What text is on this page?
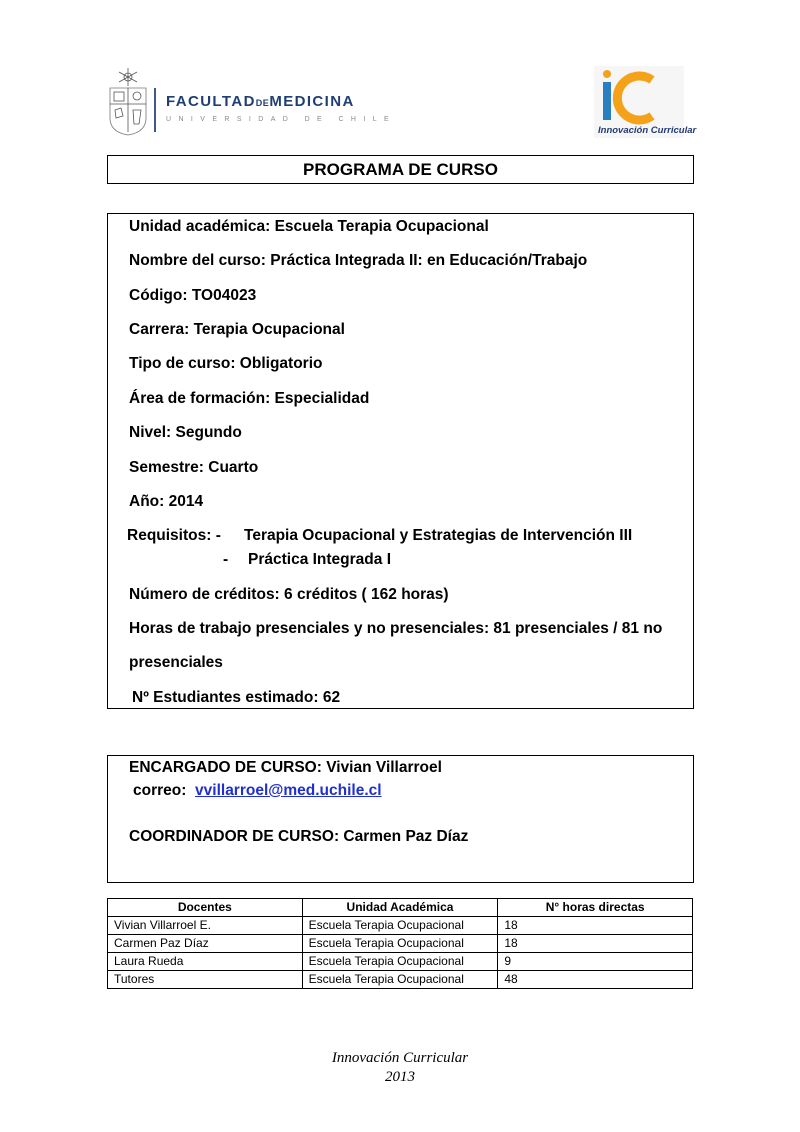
FACULTADDEMEDICINA
UNIVERSIDAD DE CHILE
Innovación Curricular
PROGRAMA DE CURSO
Unidad académica: Escuela Terapia Ocupacional
Nombre del curso: Práctica Integrada II: en Educación/Trabajo
Código: TO04023
Carrera: Terapia Ocupacional
Tipo de curso: Obligatorio
Área de formación: Especialidad
Nivel: Segundo
Semestre: Cuarto
Año: 2014
Requisitos: - Terapia Ocupacional y Estrategias de Intervención III
- Práctica Integrada I
Número de créditos: 6 créditos ( 162 horas)
Horas de trabajo presenciales y no presenciales: 81 presenciales / 81 no
presenciales
Nº Estudiantes estimado: 62
ENCARGADO DE CURSO: Vivian Villarroel
correo: vvillarroel@med.uchile.cl
COORDINADOR DE CURSO: Carmen Paz Díaz
Docentes	Unidad Académica	N° horas directas
Vivian Villarroel E.	Escuela Terapia Ocupacional	18
Carmen Paz Díaz	Escuela Terapia Ocupacional	18
Laura Rueda	Escuela Terapia Ocupacional	9
Tutores	Escuela Terapia Ocupacional	48
Innovación Curricular
2013
